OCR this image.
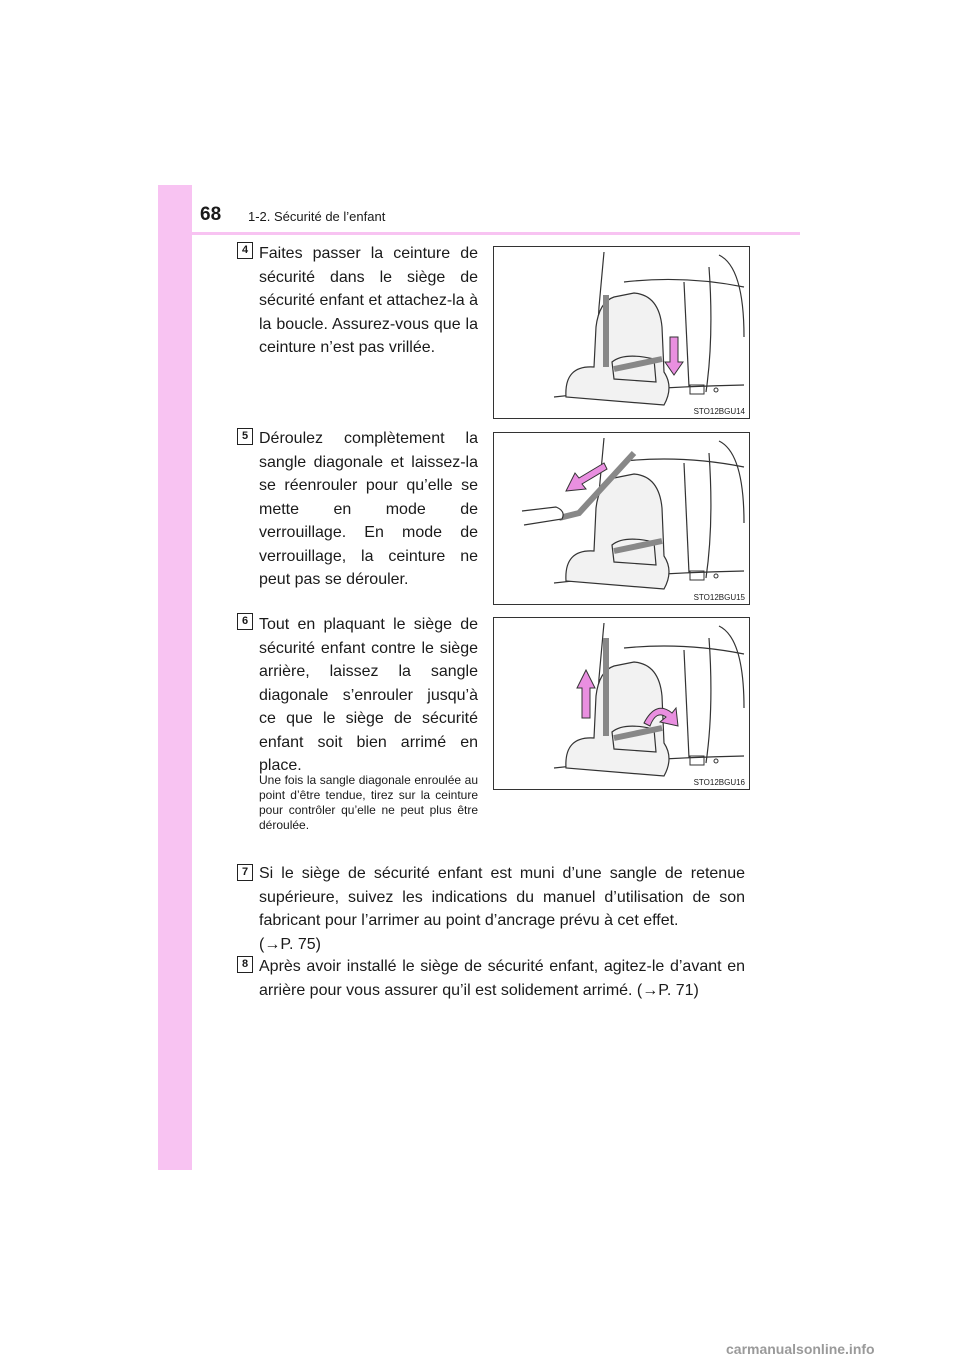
68 1-2. Sécurité de l’enfant
4 Faites passer la ceinture de sécurité dans le siège de sécurité enfant et attachez-la à la boucle. Assurez-vous que la ceinture n’est pas vrillée.
5 Déroulez complètement la sangle diagonale et laissez-la se réenrouler pour qu’elle se mette en mode de verrouillage. En mode de verrouillage, la ceinture ne peut pas se dérouler.
6 Tout en plaquant le siège de sécurité enfant contre le siège arrière, laissez la sangle diagonale s’enrouler jusqu’à ce que le siège de sécurité enfant soit bien arrimé en place.
Une fois la sangle diagonale enroulée au point d’être tendue, tirez sur la ceinture pour contrôler qu’elle ne peut plus être déroulée.
7 Si le siège de sécurité enfant est muni d’une sangle de retenue supérieure, suivez les indications du manuel d’utilisation de son fabricant pour l’arrimer au point d’ancrage prévu à cet effet.
(→P. 75)
8 Après avoir installé le siège de sécurité enfant, agitez-le d’avant en arrière pour vous assurer qu’il est solidement arrimé. (→P. 71)
STO12BGU14
STO12BGU15
STO12BGU16
carmanualsonline.info
